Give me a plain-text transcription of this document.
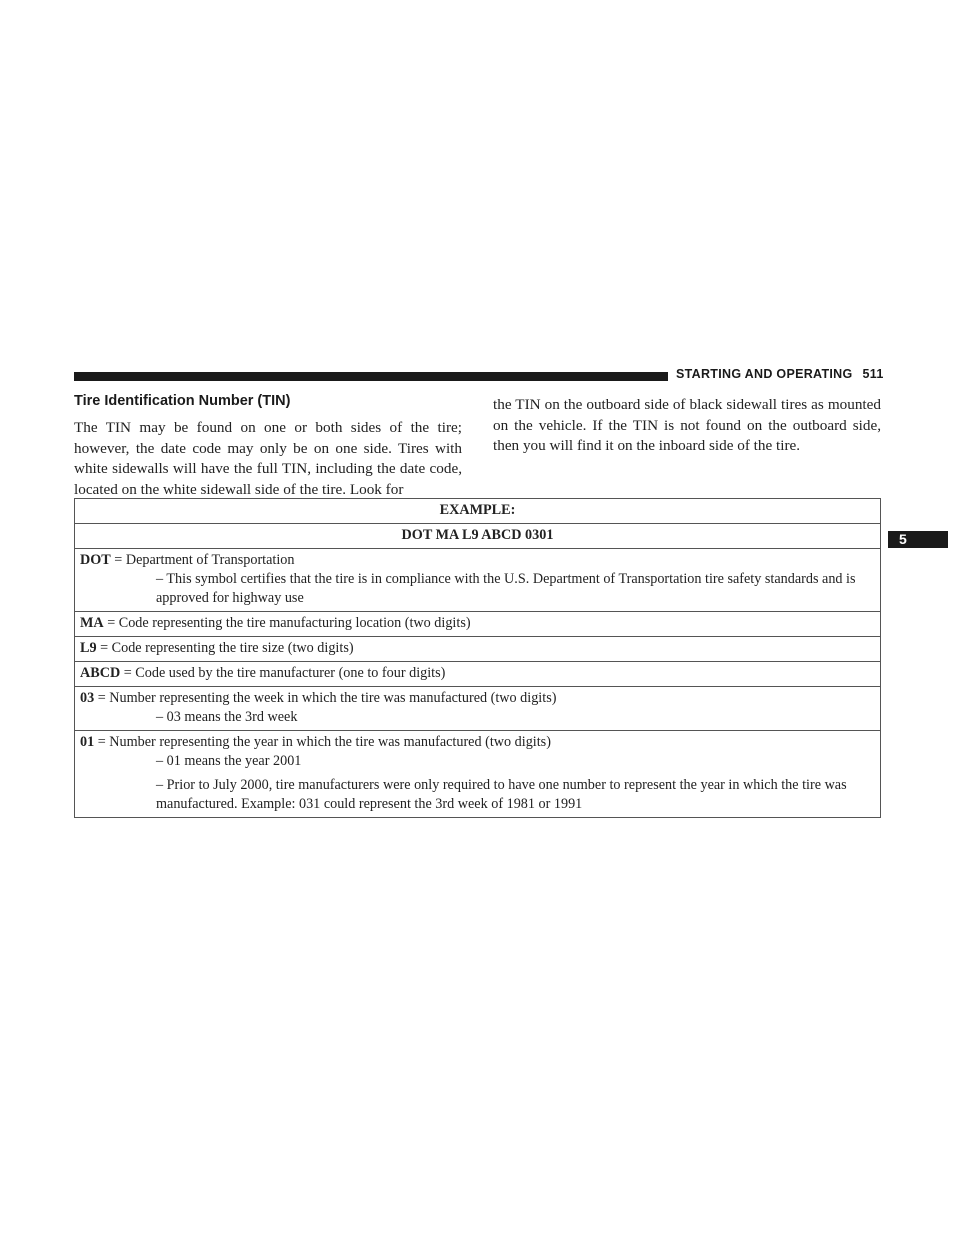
STARTING AND OPERATING 511
5
Tire Identification Number (TIN)

The TIN may be found on one or both sides of the tire; however, the date code may only be on one side. Tires with white sidewalls will have the full TIN, including the date code, located on the white sidewall side of the tire. Look for

the TIN on the outboard side of black sidewall tires as mounted on the vehicle. If the TIN is not found on the outboard side, then you will find it on the inboard side of the tire.

EXAMPLE:
DOT MA L9 ABCD 0301

DOT = Department of Transportation
– This symbol certifies that the tire is in compliance with the U.S. Department of Transportation tire safety standards and is approved for highway use

MA = Code representing the tire manufacturing location (two digits)
L9 = Code representing the tire size (two digits)
ABCD = Code used by the tire manufacturer (one to four digits)

03 = Number representing the week in which the tire was manufactured (two digits)
– 03 means the 3rd week

01 = Number representing the year in which the tire was manufactured (two digits)
– 01 means the year 2001
– Prior to July 2000, tire manufacturers were only required to have one number to represent the year in which the tire was manufactured. Example: 031 could represent the 3rd week of 1981 or 1991
